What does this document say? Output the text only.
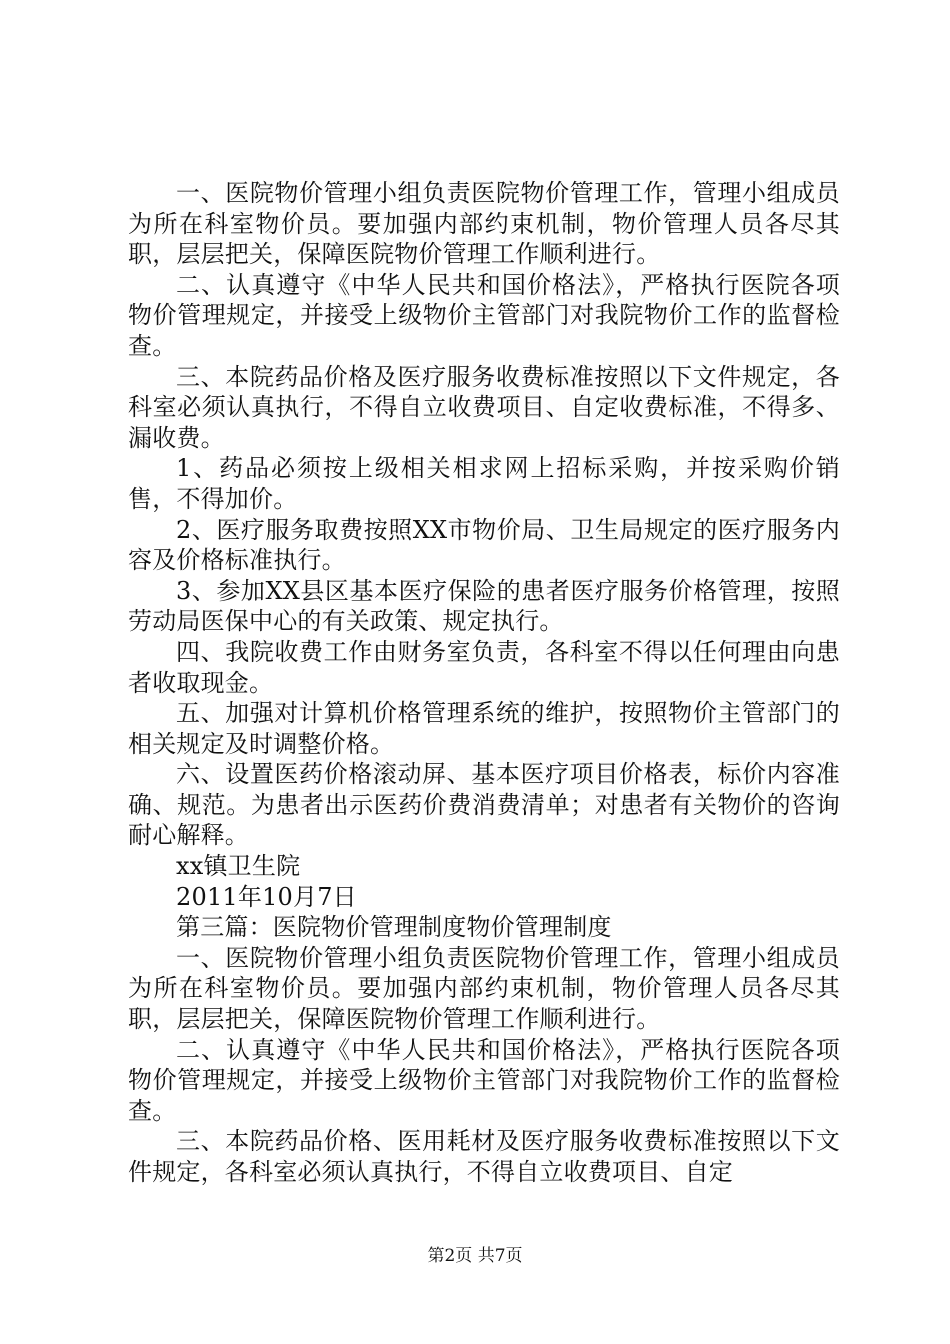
一、医院物价管理小组负责医院物价管理工作，管理小组成员为所在科室物价员。要加强内部约束机制，物价管理人员各尽其职，层层把关，保障医院物价管理工作顺利进行。

二、认真遵守《中华人民共和国价格法》，严格执行医院各项物价管理规定，并接受上级物价主管部门对我院物价工作的监督检查。

三、本院药品价格及医疗服务收费标准按照以下文件规定，各科室必须认真执行，不得自立收费项目、自定收费标准，不得多、漏收费。

1、药品必须按上级相关相求网上招标采购，并按采购价销售，不得加价。

2、医疗服务取费按照XX市物价局、卫生局规定的医疗服务内容及价格标准执行。

3、参加XX县区基本医疗保险的患者医疗服务价格管理，按照劳动局医保中心的有关政策、规定执行。

四、我院收费工作由财务室负责，各科室不得以任何理由向患者收取现金。

五、加强对计算机价格管理系统的维护，按照物价主管部门的相关规定及时调整价格。

六、设置医药价格滚动屏、基本医疗项目价格表，标价内容准确、规范。为患者出示医药价费消费清单；对患者有关物价的咨询耐心解释。

xx镇卫生院

2011年10月7日

第三篇：医院物价管理制度物价管理制度

一、医院物价管理小组负责医院物价管理工作，管理小组成员为所在科室物价员。要加强内部约束机制，物价管理人员各尽其职，层层把关，保障医院物价管理工作顺利进行。

二、认真遵守《中华人民共和国价格法》，严格执行医院各项物价管理规定，并接受上级物价主管部门对我院物价工作的监督检查。

三、本院药品价格、医用耗材及医疗服务收费标准按照以下文件规定，各科室必须认真执行，不得自立收费项目、自定

第2页 共7页
